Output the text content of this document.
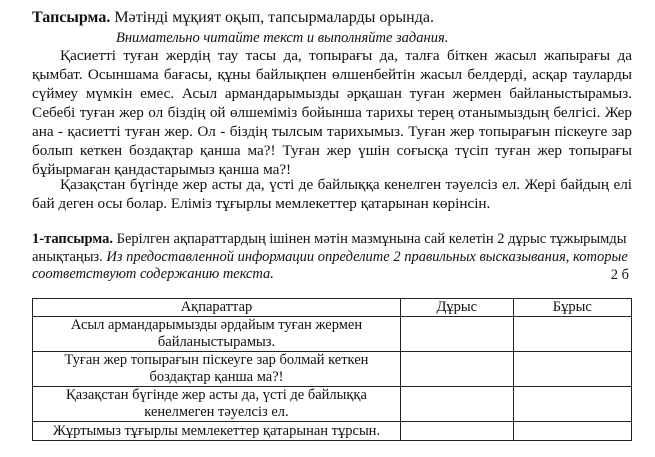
Тапсырма. Мәтінді мұқият оқып, тапсырмаларды орында.
Внимательно читайте текст и выполняйте задания.

Қасиетті туған жердің тау тасы да, топырағы да, талға біткен жасыл жапырағы да қымбат. Осыншама бағасы, құны байлықпен өлшенбейтін жасыл белдерді, асқар тауларды сүймеу мүмкін емес. Асыл армандарымызды әрқашан туған жермен байланыстырамыз. Себебі туған жер ол біздің ой өлшеміміз бойынша тарихы терең отанымыздың белгісі. Жер ана - қасиетті туған жер. Ол - біздің тылсым тарихымыз. Туған жер топырағын піскеуге зар болып кеткен боздақтар қанша ма?! Туған жер үшін соғысқа түсіп туған жер топырағы бұйырмаған қандастарымыз қанша ма?!

Қазақстан бүгінде жер асты да, үсті де байлыққа кенелген тәуелсіз ел. Жері байдың елі бай деген осы болар. Еліміз тұғырлы мемлекеттер қатарынан көрінсін.

1-тапсырма. Берілген ақпараттардың ішінен мәтін мазмұнына сай келетін 2 дұрыс тұжырымды анықтаңыз. Из предоставленной информации определите 2 правильных высказывания, которые соответствуют содержанию текста.	2 б
Ақпараттар	Дұрыс	Бұрыс
Асыл армандарымызды әрдайым туған жермен байланыстырамыз.		
Туған жер топырағын піскеуге зар болмай кеткен боздақтар қанша ма?!		
Қазақстан бүгінде жер асты да, үсті де байлыққа кенелмеген тәуелсіз ел.		
Жұртымыз тұғырлы мемлекеттер қатарынан тұрсын.		
